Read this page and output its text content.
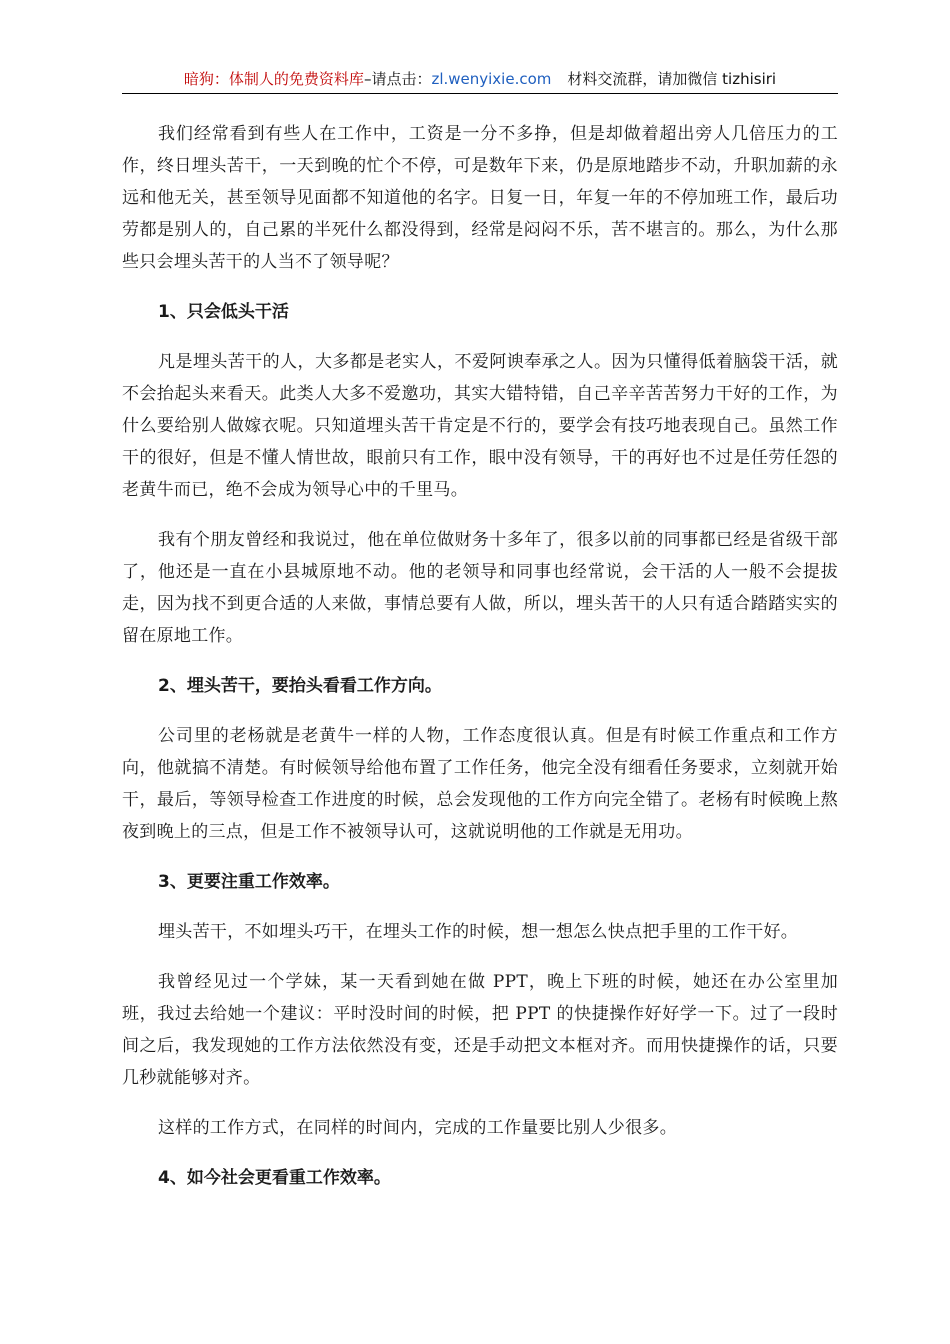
暗狗：体制人的免费资料库–请点击：zl.wenyixie.com 材料交流群，请加微信 tizhisiri

我们经常看到有些人在工作中，工资是一分不多挣，但是却做着超出旁人几倍压力的工作，终日埋头苦干，一天到晚的忙个不停，可是数年下来，仍是原地踏步不动，升职加薪的永远和他无关，甚至领导见面都不知道他的名字。日复一日，年复一年的不停加班工作，最后功劳都是别人的，自己累的半死什么都没得到，经常是闷闷不乐，苦不堪言的。那么，为什么那些只会埋头苦干的人当不了领导呢？

1、只会低头干活

凡是埋头苦干的人，大多都是老实人，不爱阿谀奉承之人。因为只懂得低着脑袋干活，就不会抬起头来看天。此类人大多不爱邀功，其实大错特错，自己辛辛苦苦努力干好的工作，为什么要给别人做嫁衣呢。只知道埋头苦干肯定是不行的，要学会有技巧地表现自己。虽然工作干的很好，但是不懂人情世故，眼前只有工作，眼中没有领导，干的再好也不过是任劳任怨的老黄牛而已，绝不会成为领导心中的千里马。

我有个朋友曾经和我说过，他在单位做财务十多年了，很多以前的同事都已经是省级干部了，他还是一直在小县城原地不动。他的老领导和同事也经常说，会干活的人一般不会提拔走，因为找不到更合适的人来做，事情总要有人做，所以，埋头苦干的人只有适合踏踏实实的留在原地工作。

2、埋头苦干，要抬头看看工作方向。

公司里的老杨就是老黄牛一样的人物，工作态度很认真。但是有时候工作重点和工作方向，他就搞不清楚。有时候领导给他布置了工作任务，他完全没有细看任务要求，立刻就开始干，最后，等领导检查工作进度的时候，总会发现他的工作方向完全错了。老杨有时候晚上熬夜到晚上的三点，但是工作不被领导认可，这就说明他的工作就是无用功。

3、更要注重工作效率。

埋头苦干，不如埋头巧干，在埋头工作的时候，想一想怎么快点把手里的工作干好。

我曾经见过一个学妹，某一天看到她在做 PPT，晚上下班的时候，她还在办公室里加班，我过去给她一个建议：平时没时间的时候，把 PPT 的快捷操作好好学一下。过了一段时间之后，我发现她的工作方法依然没有变，还是手动把文本框对齐。而用快捷操作的话，只要几秒就能够对齐。

这样的工作方式，在同样的时间内，完成的工作量要比别人少很多。

4、如今社会更看重工作效率。
